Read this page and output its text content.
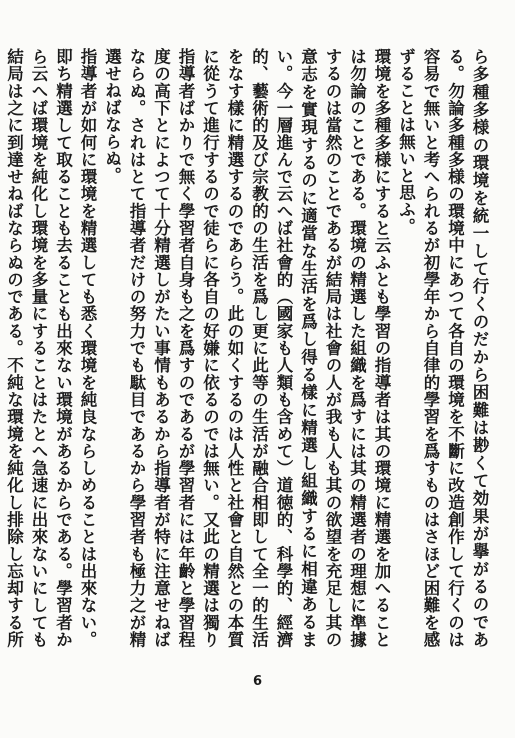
ら多種多様の環境を統一して行くのだから困難は尠くて効果が擧がるのである。勿論多種多様の環境中にあつて各自の環境を不斷に改造創作して行くのは容易で無いと考へられるが初學年から自律的學習を爲すものはさほど困難を感ずることは無いと思ふ。

環境を多種多様にすると云ふとも學習の指導者は其の環境に精選を加へることは勿論のことである。環境の精選した組織を爲すには其の精選者の理想に準據するのは當然のことであるが結局は社會の人が我も人も其の欲望を充足し其の意志を實現するのに適當な生活を爲し得る樣に精選し組織するに相違あるまい。今一層進んで云へば社會的（國家も人類も含めて）道徳的、科學的、經濟的、藝術的及び宗教的の生活を爲し更に此等の生活が融合相即して全一的生活をなす樣に精選するのであらう。此の如くするのは人性と社會と自然との本質に從うて進行するので徒らに各自の好嫌に依るのでは無い。又此の精選は獨り指導者ばかりで無く學習者自身も之を爲すのであるが學習者には年齡と學習程度の高下とによつて十分精選しがたい事情もあるから指導者が特に注意せねばならぬ。されはとて指導者だけの努力でも駄目であるから學習者も極力之が精選せねばならぬ。

指導者が如何に環境を精選しても悉く環境を純良ならしめることは出來ない。即ち精選して取ることも去ることも出來ない環境があるからである。學習者から云へば環境を純化し環境を多量にすることはたとへ急速に出來ないにしても結局は之に到達せねばならぬのである。不純な環境を純化し排除し忘却する所

6
